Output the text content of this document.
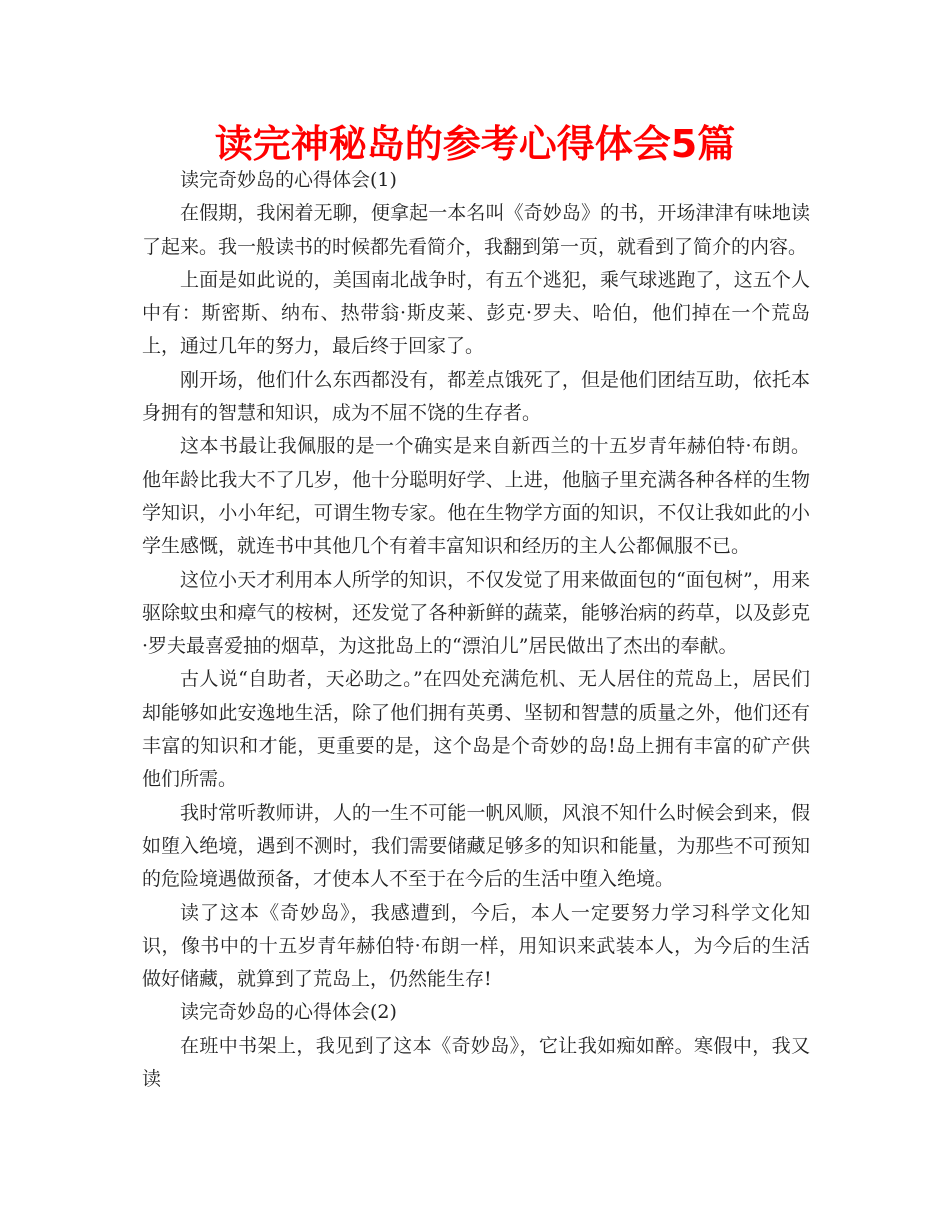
读完神秘岛的参考心得体会5篇

读完奇妙岛的心得体会(1)

在假期，我闲着无聊，便拿起一本名叫《奇妙岛》的书，开场津津有味地读了起来。我一般读书的时候都先看简介，我翻到第一页，就看到了简介的内容。

上面是如此说的，美国南北战争时，有五个逃犯，乘气球逃跑了，这五个人中有：斯密斯、纳布、热带翁·斯皮莱、彭克·罗夫、哈伯，他们掉在一个荒岛上，通过几年的努力，最后终于回家了。

刚开场，他们什么东西都没有，都差点饿死了，但是他们团结互助，依托本身拥有的智慧和知识，成为不屈不饶的生存者。

这本书最让我佩服的是一个确实是来自新西兰的十五岁青年赫伯特·布朗。他年龄比我大不了几岁，他十分聪明好学、上进，他脑子里充满各种各样的生物学知识，小小年纪，可谓生物专家。他在生物学方面的知识，不仅让我如此的小学生感慨，就连书中其他几个有着丰富知识和经历的主人公都佩服不已。

这位小天才利用本人所学的知识，不仅发觉了用来做面包的“面包树”，用来驱除蚊虫和瘴气的桉树，还发觉了各种新鲜的蔬菜，能够治病的药草，以及彭克·罗夫最喜爱抽的烟草，为这批岛上的“漂泊儿”居民做出了杰出的奉献。

古人说“自助者，天必助之。”在四处充满危机、无人居住的荒岛上，居民们却能够如此安逸地生活，除了他们拥有英勇、坚韧和智慧的质量之外，他们还有丰富的知识和才能，更重要的是，这个岛是个奇妙的岛!岛上拥有丰富的矿产供他们所需。

我时常听教师讲，人的一生不可能一帆风顺，风浪不知什么时候会到来，假如堕入绝境，遇到不测时，我们需要储藏足够多的知识和能量，为那些不可预知的危险境遇做预备，才使本人不至于在今后的生活中堕入绝境。

读了这本《奇妙岛》，我感遭到，今后，本人一定要努力学习科学文化知识，像书中的十五岁青年赫伯特·布朗一样，用知识来武装本人，为今后的生活做好储藏，就算到了荒岛上，仍然能生存!

读完奇妙岛的心得体会(2)

在班中书架上，我见到了这本《奇妙岛》，它让我如痴如醉。寒假中，我又读
